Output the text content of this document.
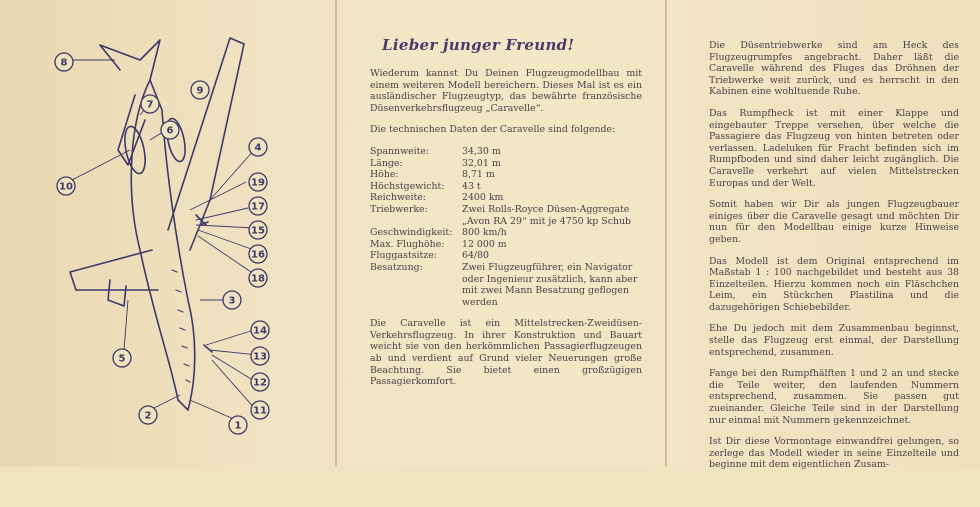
1
2
3
4
5
6
7
8
10	19
17
15
16
18
14
13
12
11
9
Lieber junger Freund!

Wiederum kannst Du Deinen Flugzeugmodellbau mit einem weiteren Modell bereichern. Dieses Mal ist es ein ausländischer Flugzeugtyp, das bewährte französische Düsenverkehrsflugzeug „Caravelle“.

Die technischen Daten der Caravelle sind folgende:

Spannweite:	34,30 m
Länge:	32,01 m
Höhe:	8,71 m
Höchstgewicht:	43 t
Reichweite:	2400 km
Triebwerke:	Zwei Rolls-Royce Düsen-Aggregate „Avon RA 29“ mit je 4750 kp Schub
Geschwindigkeit:	800 km/h
Max. Flughöhe:	12 000 m
Fluggastsitze:	64/80
Besatzung:	Zwei Flugzeugführer, ein Navigator oder Ingenieur zusätzlich, kann aber mit zwei Mann Besatzung geflogen werden

Die Caravelle ist ein Mittelstrecken-Zweidüsen-Verkehrsflugzeug. In ihrer Konstruktion und Bauart weicht sie von den herkömmlichen Passagierflugzeugen ab und verdient auf Grund vieler Neuerungen große Beachtung. Sie bietet einen großzügigen Passagierkomfort.

Die Düsentriebwerke sind am Heck des Flugzeugrumpfes angebracht. Daher läßt die Caravelle während des Fluges das Dröhnen der Triebwerke weit zurück, und es herrscht in den Kabinen eine wohltuende Ruhe.

Das Rumpfheck ist mit einer Klappe und eingebauter Treppe versehen, über welche die Passagiere das Flugzeug von hinten betreten oder verlassen. Ladeluken für Fracht befinden sich im Rumpfboden und sind daher leicht zugänglich. Die Caravelle verkehrt auf vielen Mittelstrecken Europas und der Welt.

Somit haben wir Dir als jungen Flugzeugbauer einiges über die Caravelle gesagt und möchten Dir nun für den Modellbau einige kurze Hinweise geben.

Das Modell ist dem Original entsprechend im Maßstab 1 : 100 nachgebildet und besteht aus 38 Einzelteilen. Hierzu kommen noch ein Fläschchen Leim, ein Stückchen Plastilina und die dazugehörigen Schiebebilder.

Ehe Du jedoch mit dem Zusammenbau beginnst, stelle das Flugzeug erst einmal, der Darstellung entsprechend, zusammen.

Fange bei den Rumpfhälften 1 und 2 an und stecke die Teile weiter, den laufenden Nummern entsprechend, zusammen. Sie passen gut zueinander. Gleiche Teile sind in der Darstellung nur einmal mit Nummern gekennzeichnet.

Ist Dir diese Vormontage einwandfrei gelungen, so zerlege das Modell wieder in seine Einzelteile und beginne mit dem eigentlichen Zusam-
